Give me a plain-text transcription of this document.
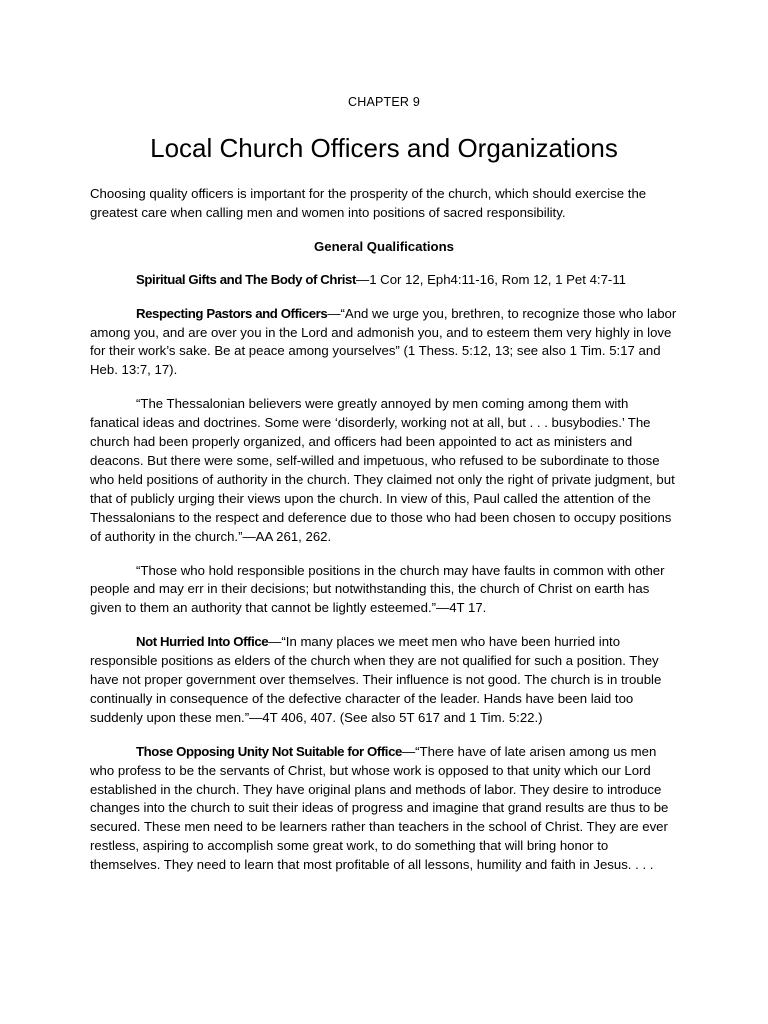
CHAPTER 9
Local Church Officers and Organizations

Choosing quality officers is important for the prosperity of the church, which should exercise the greatest care when calling men and women into positions of sacred responsibility.

General Qualifications

Spiritual Gifts and The Body of Christ—1 Cor 12, Eph4:11-16, Rom 12, 1 Pet 4:7-11

Respecting Pastors and Officers—“And we urge you, brethren, to recognize those who labor among you, and are over you in the Lord and admonish you, and to esteem them very highly in love for their work’s sake. Be at peace among yourselves” (1 Thess. 5:12, 13; see also 1 Tim. 5:17 and Heb. 13:7, 17).

“The Thessalonian believers were greatly annoyed by men coming among them with fanatical ideas and doctrines. Some were ‘disorderly, working not at all, but . . . busybodies.’ The church had been properly organized, and officers had been appointed to act as ministers and deacons. But there were some, self-willed and impetuous, who refused to be subordinate to those who held positions of authority in the church. They claimed not only the right of private judgment, but that of publicly urging their views upon the church. In view of this, Paul called the attention of the Thessalonians to the respect and deference due to those who had been chosen to occupy positions of authority in the church.”—AA 261, 262.

“Those who hold responsible positions in the church may have faults in common with other people and may err in their decisions; but notwithstanding this, the church of Christ on earth has given to them an authority that cannot be lightly esteemed.”—4T 17.

Not Hurried Into Office—“In many places we meet men who have been hurried into responsible positions as elders of the church when they are not qualified for such a position. They have not proper government over themselves. Their influence is not good. The church is in trouble continually in consequence of the defective character of the leader. Hands have been laid too suddenly upon these men.”—4T 406, 407. (See also 5T 617 and 1 Tim. 5:22.)

Those Opposing Unity Not Suitable for Office—“There have of late arisen among us men who profess to be the servants of Christ, but whose work is opposed to that unity which our Lord established in the church. They have original plans and methods of labor. They desire to introduce changes into the church to suit their ideas of progress and imagine that grand results are thus to be secured. These men need to be learners rather than teachers in the school of Christ. They are ever restless, aspiring to accomplish some great work, to do something that will bring honor to themselves. They need to learn that most profitable of all lessons, humility and faith in Jesus. . . .
